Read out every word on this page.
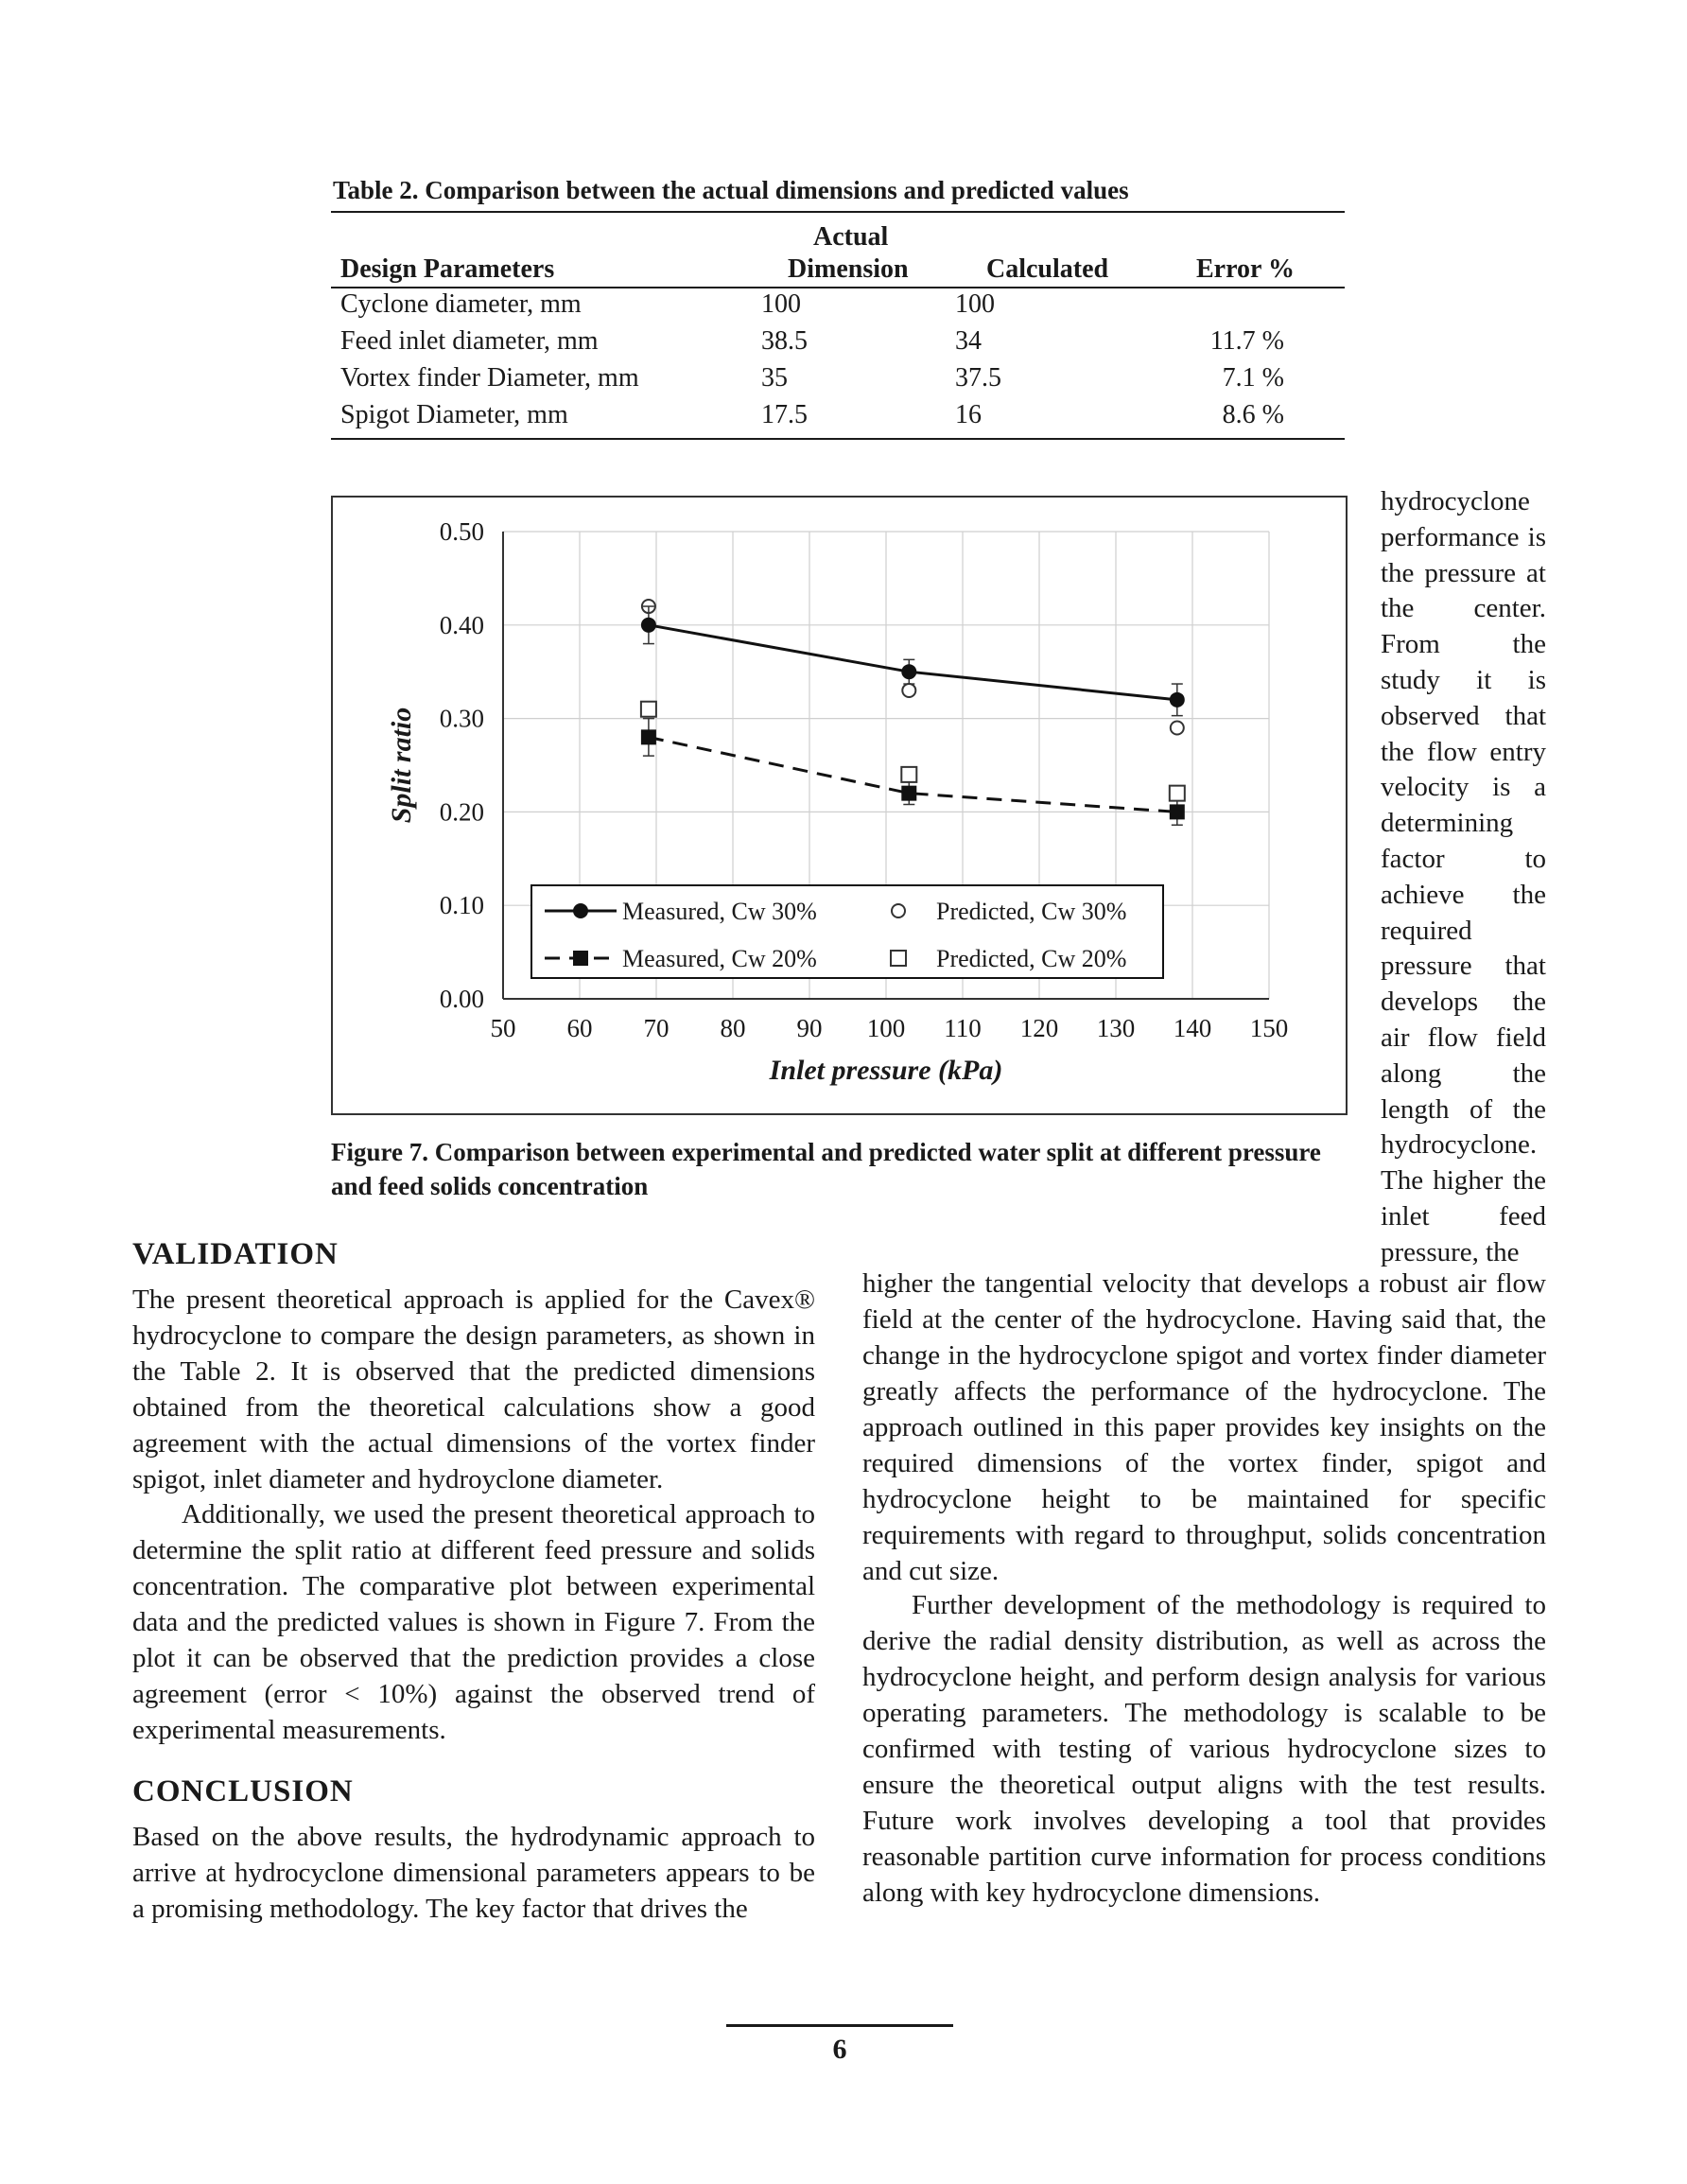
Table 2. Comparison between the actual dimensions and predicted values
Actual
Design Parameters	Dimension	Calculated	Error %
Cyclone diameter, mm	100	100
Feed inlet diameter, mm	38.5	34	11.7 %
Vortex finder Diameter, mm	35	37.5	7.1 %
Spigot Diameter, mm	17.5	16	8.6 %
50 60 70 80 90 100 110 120 130 140 150
0.00
0.10
0.20
0.30
0.40
0.50
Inlet pressure (kPa)
Split ratio
Measured, Cw 30%	Predicted, Cw 30%
Measured, Cw 20%	Predicted, Cw 20%
Figure 7. Comparison between experimental and predicted water split at different pressure and feed solids concentration
hydrocyclone performance is the pressure at the center. From the study it is observed that the flow entry velocity is a determining factor to achieve the required pressure that develops the air flow field along the length of the hydrocyclone. The higher the inlet feed pressure, the
VALIDATION
The present theoretical approach is applied for the Cavex® hydrocyclone to compare the design parameters, as shown in the Table 2. It is observed that the predicted dimensions obtained from the theoretical calculations show a good agreement with the actual dimensions of the vortex finder spigot, inlet diameter and hydroyclone diameter.
Additionally, we used the present theoretical approach to determine the split ratio at different feed pressure and solids concentration. The comparative plot between experimental data and the predicted values is shown in Figure 7. From the plot it can be observed that the prediction provides a close agreement (error < 10%) against the observed trend of experimental measurements.
CONCLUSION
Based on the above results, the hydrodynamic approach to arrive at hydrocyclone dimensional parameters appears to be a promising methodology. The key factor that drives the
higher the tangential velocity that develops a robust air flow field at the center of the hydrocyclone. Having said that, the change in the hydrocyclone spigot and vortex finder diameter greatly affects the performance of the hydrocyclone. The approach outlined in this paper provides key insights on the required dimensions of the vortex finder, spigot and hydrocyclone height to be maintained for specific requirements with regard to throughput, solids concentration and cut size.
Further development of the methodology is required to derive the radial density distribution, as well as across the hydrocyclone height, and perform design analysis for various operating parameters. The methodology is scalable to be confirmed with testing of various hydrocyclone sizes to ensure the theoretical output aligns with the test results. Future work involves developing a tool that provides reasonable partition curve information for process conditions along with key hydrocyclone dimensions.
6
